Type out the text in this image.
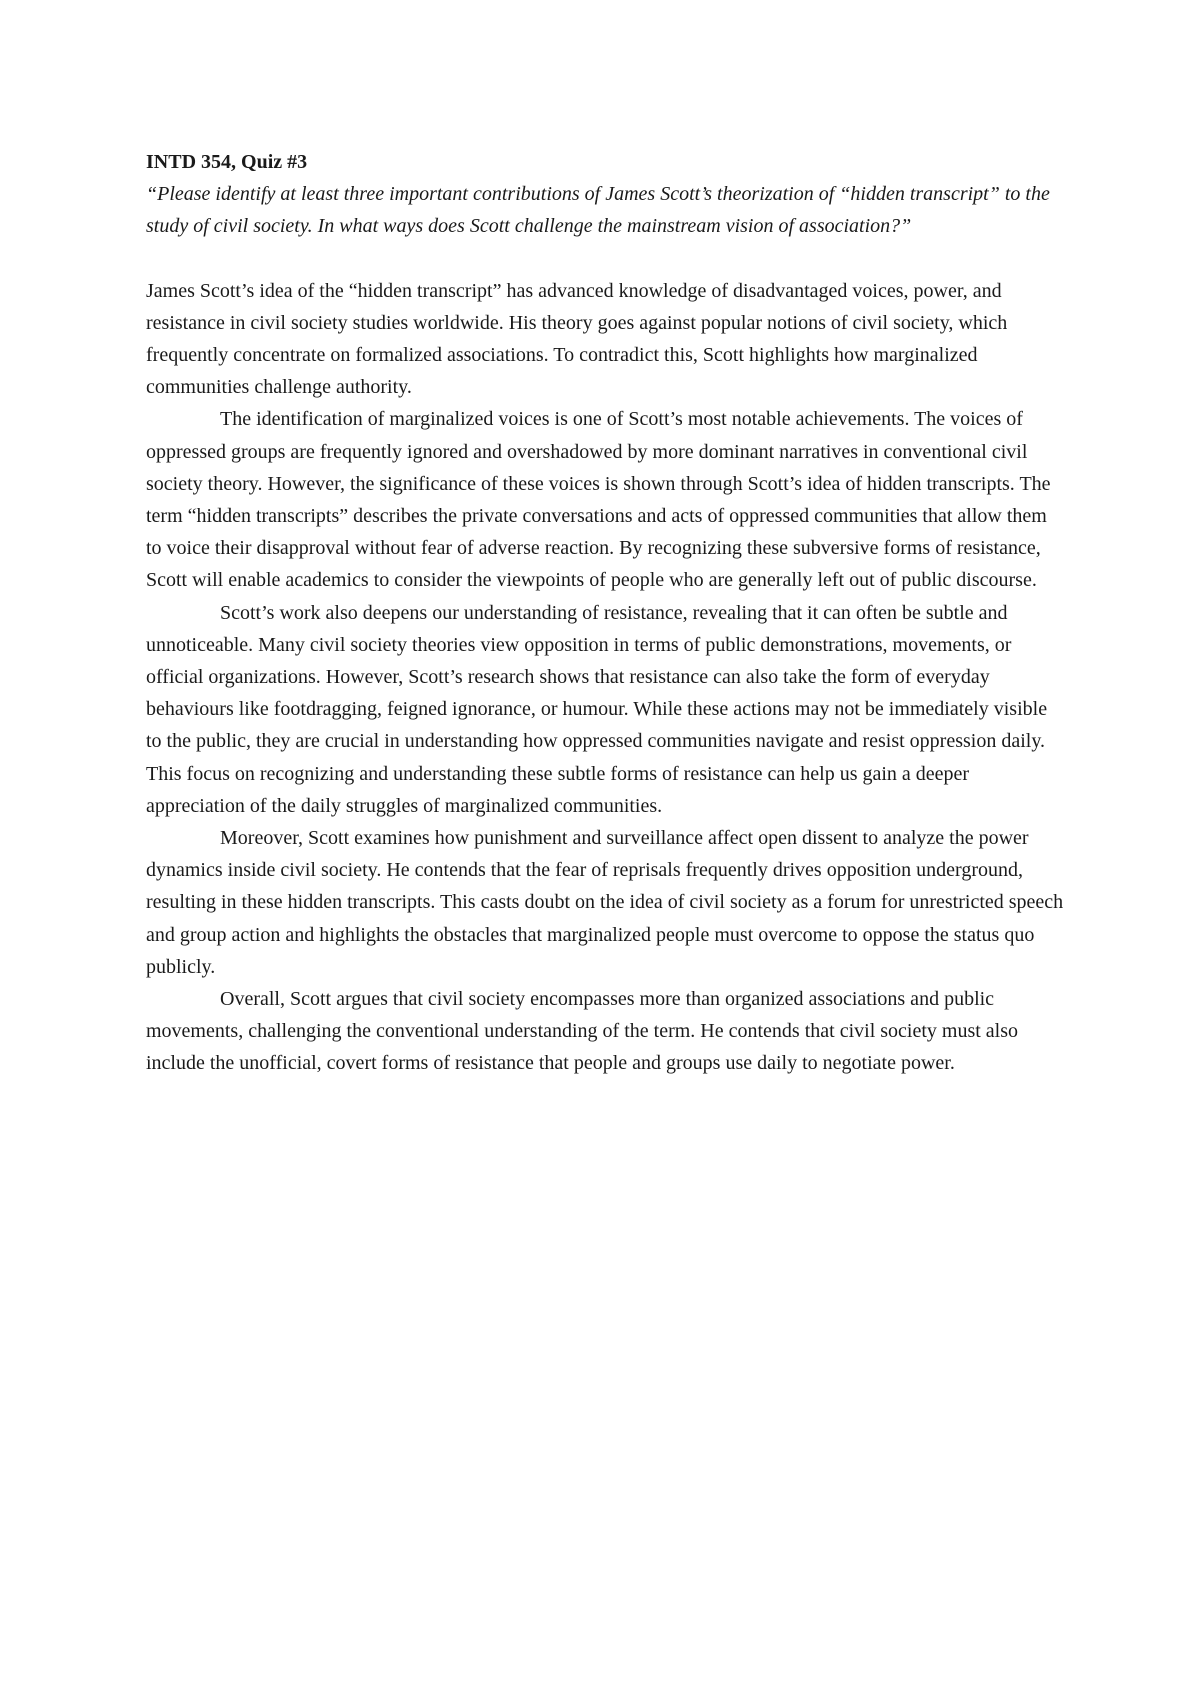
INTD 354, Quiz #3

“Please identify at least three important contributions of James Scott’s theorization of “hidden transcript” to the study of civil society. In what ways does Scott challenge the mainstream vision of association?”

James Scott’s idea of the “hidden transcript” has advanced knowledge of disadvantaged voices, power, and resistance in civil society studies worldwide. His theory goes against popular notions of civil society, which frequently concentrate on formalized associations. To contradict this, Scott highlights how marginalized communities challenge authority.

The identification of marginalized voices is one of Scott’s most notable achievements. The voices of oppressed groups are frequently ignored and overshadowed by more dominant narratives in conventional civil society theory. However, the significance of these voices is shown through Scott’s idea of hidden transcripts. The term “hidden transcripts” describes the private conversations and acts of oppressed communities that allow them to voice their disapproval without fear of adverse reaction. By recognizing these subversive forms of resistance, Scott will enable academics to consider the viewpoints of people who are generally left out of public discourse.

Scott’s work also deepens our understanding of resistance, revealing that it can often be subtle and unnoticeable. Many civil society theories view opposition in terms of public demonstrations, movements, or official organizations. However, Scott’s research shows that resistance can also take the form of everyday behaviours like footdragging, feigned ignorance, or humour. While these actions may not be immediately visible to the public, they are crucial in understanding how oppressed communities navigate and resist oppression daily. This focus on recognizing and understanding these subtle forms of resistance can help us gain a deeper appreciation of the daily struggles of marginalized communities.

Moreover, Scott examines how punishment and surveillance affect open dissent to analyze the power dynamics inside civil society. He contends that the fear of reprisals frequently drives opposition underground, resulting in these hidden transcripts. This casts doubt on the idea of civil society as a forum for unrestricted speech and group action and highlights the obstacles that marginalized people must overcome to oppose the status quo publicly.

Overall, Scott argues that civil society encompasses more than organized associations and public movements, challenging the conventional understanding of the term. He contends that civil society must also include the unofficial, covert forms of resistance that people and groups use daily to negotiate power.
